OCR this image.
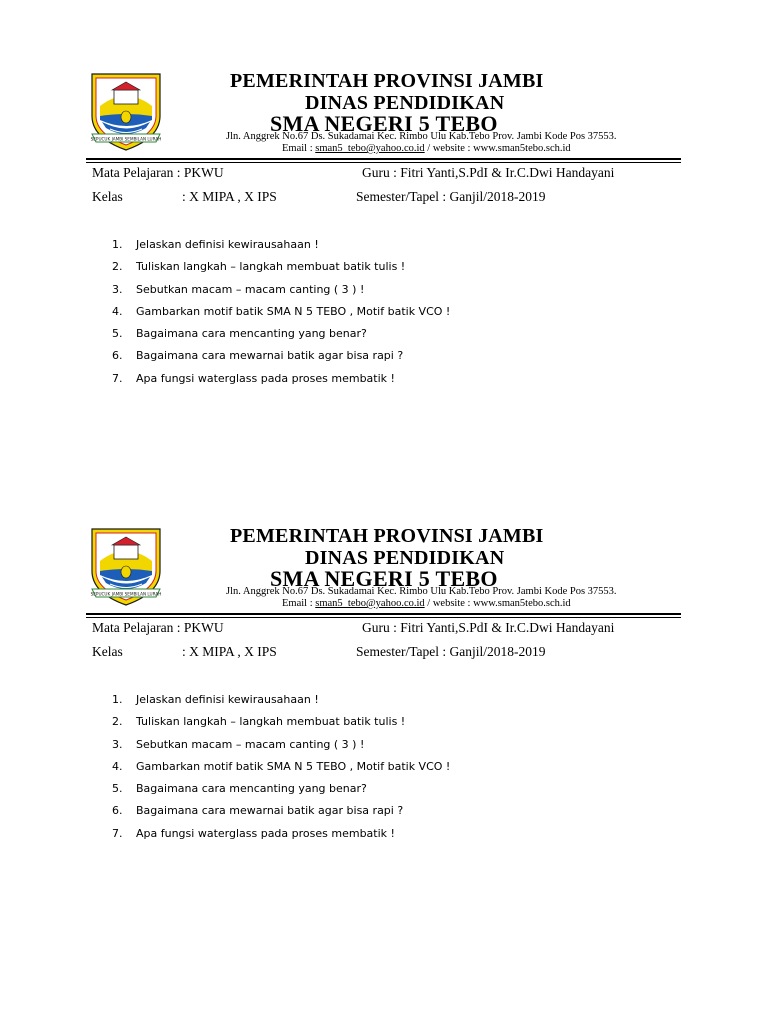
SEPUCUK JAMBI SEMBILAN LURAH
PEMERINTAH PROVINSI JAMBI
DINAS PENDIDIKAN
SMA NEGERI 5 TEBO
Jln. Anggrek No.67 Ds. Sukadamai Kec. Rimbo Ulu Kab.Tebo Prov. Jambi Kode Pos 37553.
Email : sman5_tebo@yahoo.co.id / website : www.sman5tebo.sch.id
Mata Pelajaran : PKWU	Guru : Fitri Yanti,S.PdI & Ir.C.Dwi Handayani
Kelas	: X MIPA , X IPS	Semester/Tapel : Ganjil/2018-2019
1. Jelaskan definisi kewirausahaan !
2. Tuliskan langkah – langkah membuat batik tulis !
3. Sebutkan macam – macam canting ( 3 ) !
4. Gambarkan motif batik SMA N 5 TEBO , Motif batik VCO !
5. Bagaimana cara mencanting yang benar?
6. Bagaimana cara mewarnai batik agar bisa rapi ?
7. Apa fungsi waterglass pada proses membatik !
SEPUCUK JAMBI SEMBILAN LURAH
PEMERINTAH PROVINSI JAMBI
DINAS PENDIDIKAN
SMA NEGERI 5 TEBO
Jln. Anggrek No.67 Ds. Sukadamai Kec. Rimbo Ulu Kab.Tebo Prov. Jambi Kode Pos 37553.
Email : sman5_tebo@yahoo.co.id / website : www.sman5tebo.sch.id
Mata Pelajaran : PKWU	Guru : Fitri Yanti,S.PdI & Ir.C.Dwi Handayani
Kelas	: X MIPA , X IPS	Semester/Tapel : Ganjil/2018-2019
1. Jelaskan definisi kewirausahaan !
2. Tuliskan langkah – langkah membuat batik tulis !
3. Sebutkan macam – macam canting ( 3 ) !
4. Gambarkan motif batik SMA N 5 TEBO , Motif batik VCO !
5. Bagaimana cara mencanting yang benar?
6. Bagaimana cara mewarnai batik agar bisa rapi ?
7. Apa fungsi waterglass pada proses membatik !
